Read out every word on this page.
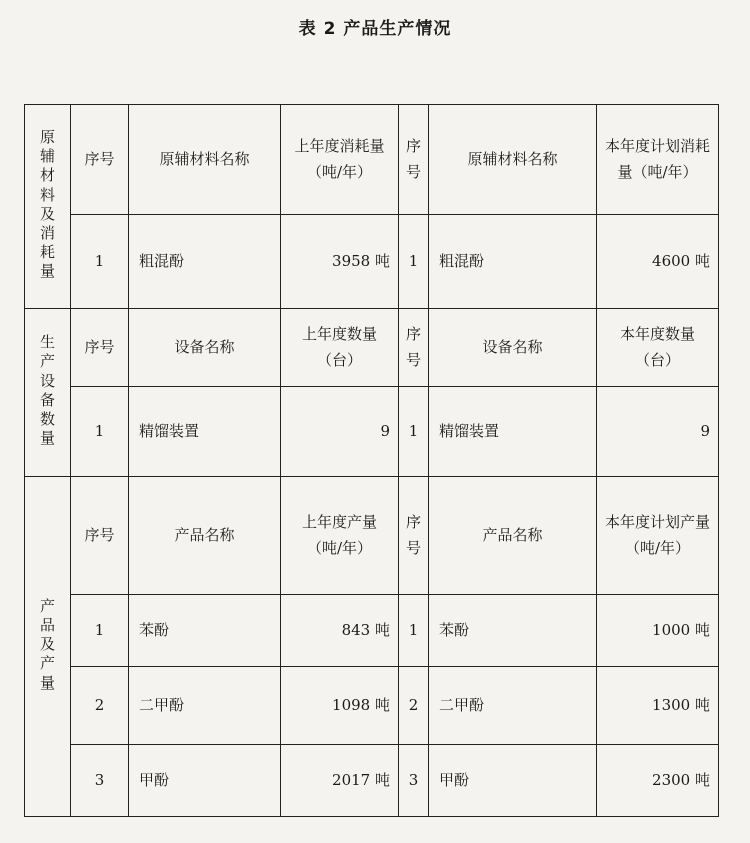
表 2 产品生产情况
原辅材料及消耗量	序号	原辅材料名称	上年度消耗量（吨/年）	序号	原辅材料名称	本年度计划消耗量（吨/年）
	1	粗混酚	3958 吨	1	粗混酚	4600 吨
生产设备数量	序号	设备名称	上年度数量（台）	序号	设备名称	本年度数量（台）
	1	精馏装置	9	1	精馏装置	9
产品及产量	序号	产品名称	上年度产量（吨/年）	序号	产品名称	本年度计划产量（吨/年）
	1	苯酚	843 吨	1	苯酚	1000 吨
	2	二甲酚	1098 吨	2	二甲酚	1300 吨
	3	甲酚	2017 吨	3	甲酚	2300 吨
